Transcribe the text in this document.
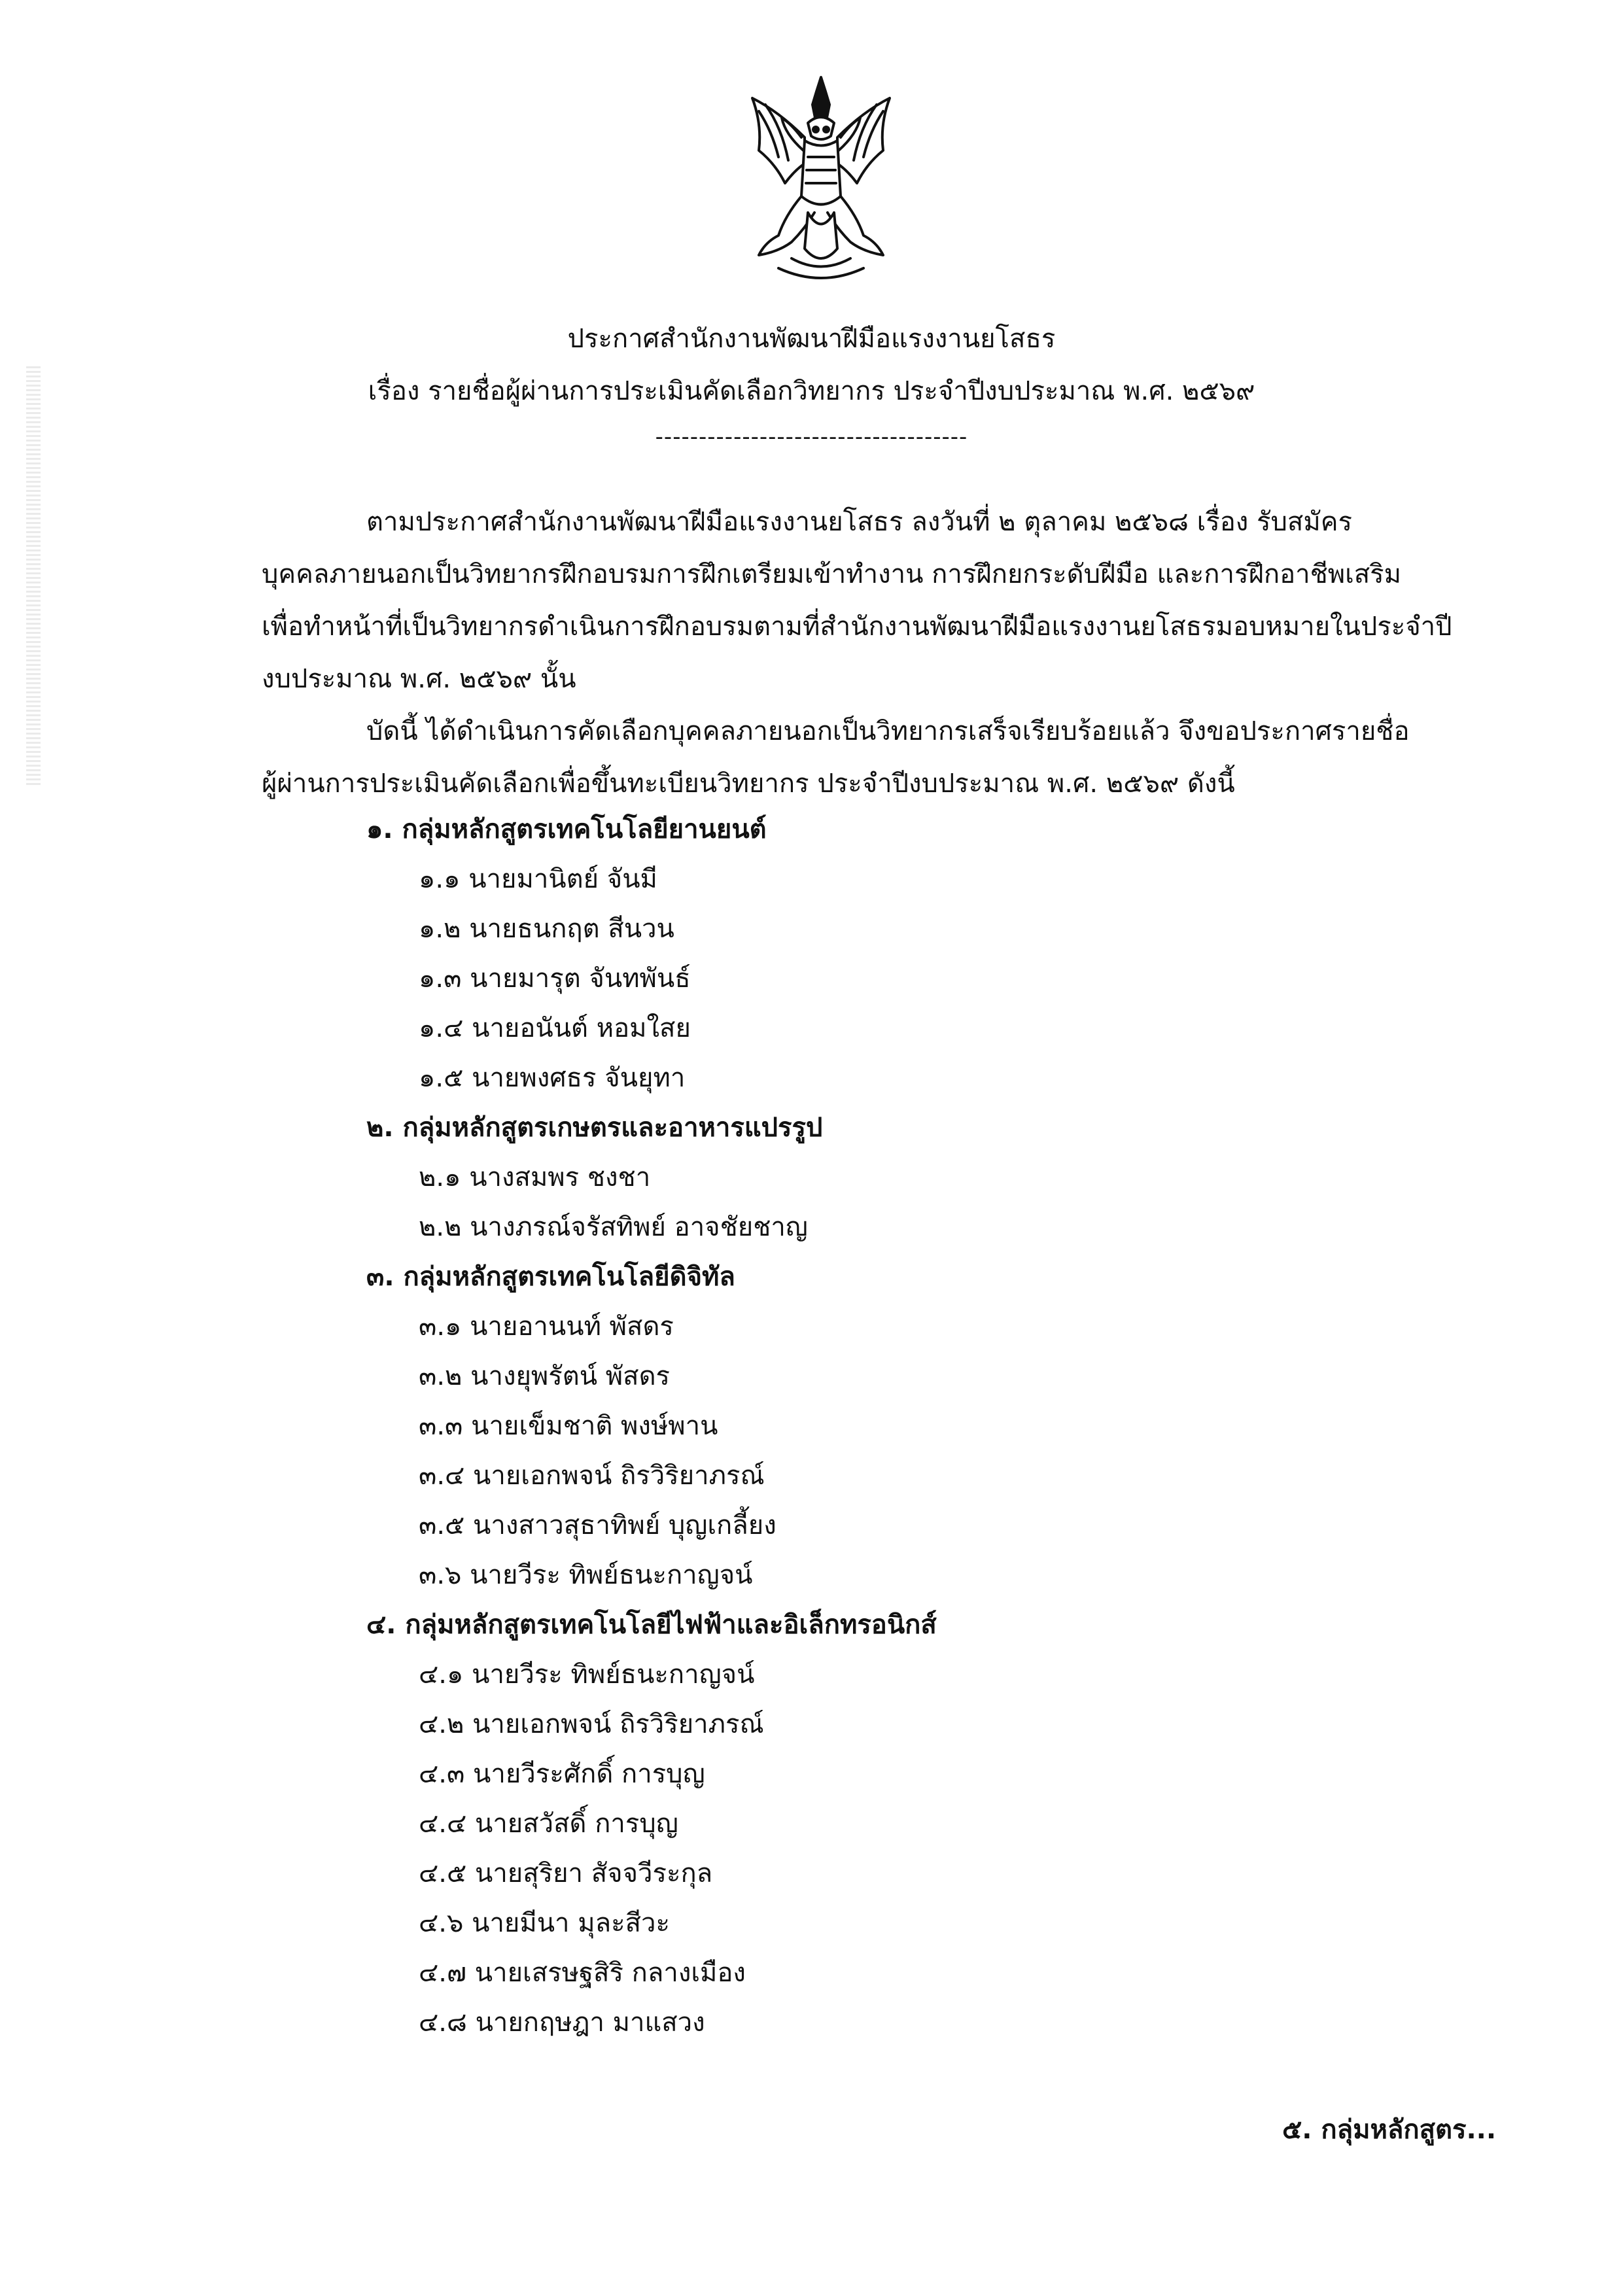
ประกาศสำนักงานพัฒนาฝีมือแรงงานยโสธร
เรื่อง รายชื่อผู้ผ่านการประเมินคัดเลือกวิทยากร ประจำปีงบประมาณ พ.ศ. ๒๕๖๙
------------------------------------
ตามประกาศสำนักงานพัฒนาฝีมือแรงงานยโสธร ลงวันที่ ๒ ตุลาคม ๒๕๖๘ เรื่อง รับสมัคร
บุคคลภายนอกเป็นวิทยากรฝึกอบรมการฝึกเตรียมเข้าทำงาน การฝึกยกระดับฝีมือ และการฝึกอาชีพเสริม
เพื่อทำหน้าที่เป็นวิทยากรดำเนินการฝึกอบรมตามที่สำนักงานพัฒนาฝีมือแรงงานยโสธรมอบหมายในประจำปี
งบประมาณ พ.ศ. ๒๕๖๙ นั้น
บัดนี้ ได้ดำเนินการคัดเลือกบุคคลภายนอกเป็นวิทยากรเสร็จเรียบร้อยแล้ว จึงขอประกาศรายชื่อ
ผู้ผ่านการประเมินคัดเลือกเพื่อขึ้นทะเบียนวิทยากร ประจำปีงบประมาณ พ.ศ. ๒๕๖๙ ดังนี้
๑. กลุ่มหลักสูตรเทคโนโลยียานยนต์
๑.๑ นายมานิตย์ จันมี
๑.๒ นายธนกฤต สีนวน
๑.๓ นายมารุต จันทพันธ์
๑.๔ นายอนันต์ หอมใสย
๑.๕ นายพงศธร จันยุทา
๒. กลุ่มหลักสูตรเกษตรและอาหารแปรรูป
๒.๑ นางสมพร ชงชา
๒.๒ นางภรณ์จรัสทิพย์ อาจชัยชาญ
๓. กลุ่มหลักสูตรเทคโนโลยีดิจิทัล
๓.๑ นายอานนท์ พัสดร
๓.๒ นางยุพรัตน์ พัสดร
๓.๓ นายเข็มชาติ พงษ์พาน
๓.๔ นายเอกพจน์ ถิรวิริยาภรณ์
๓.๕ นางสาวสุธาทิพย์ บุญเกลี้ยง
๓.๖ นายวีระ ทิพย์ธนะกาญจน์
๔. กลุ่มหลักสูตรเทคโนโลยีไฟฟ้าและอิเล็กทรอนิกส์
๔.๑ นายวีระ ทิพย์ธนะกาญจน์
๔.๒ นายเอกพจน์ ถิรวิริยาภรณ์
๔.๓ นายวีระศักดิ์ การบุญ
๔.๔ นายสวัสดิ์ การบุญ
๔.๕ นายสุริยา สัจจวีระกุล
๔.๖ นายมีนา มุละสีวะ
๔.๗ นายเสรษฐสิริ กลางเมือง
๔.๘ นายกฤษฎา มาแสวง
๕. กลุ่มหลักสูตร...
